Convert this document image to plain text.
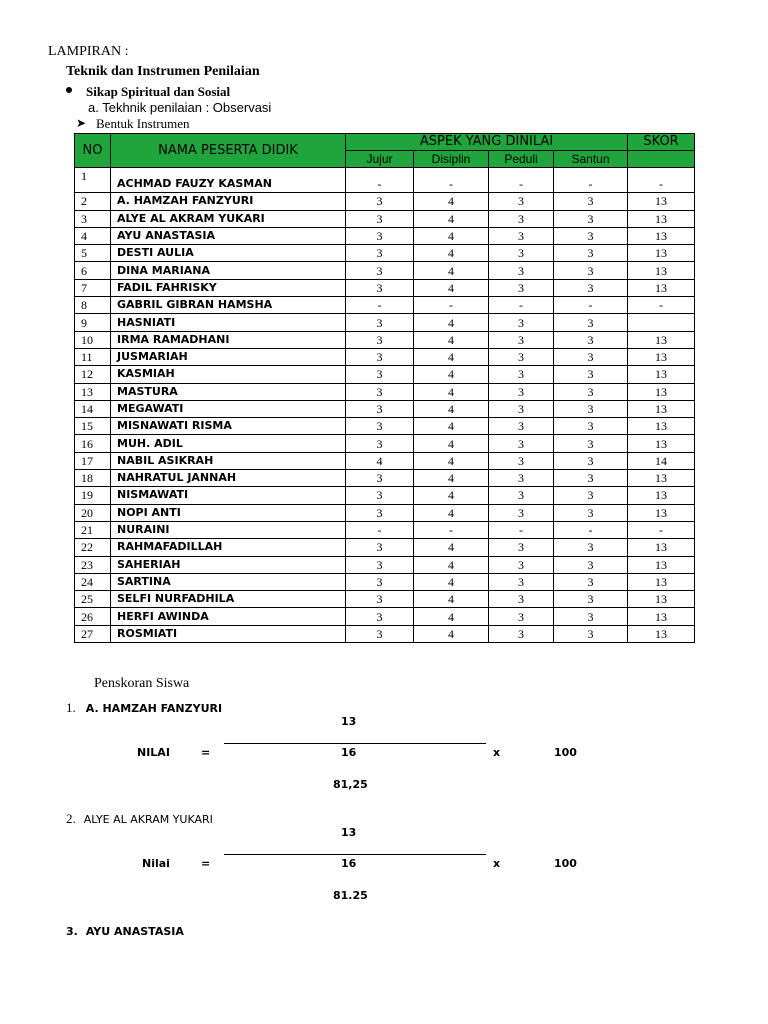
LAMPIRAN :
Teknik dan Instrumen Penilaian
Sikap Spiritual dan Sosial
a. Tekhnik penilaian : Observasi
➤ Bentuk Instrumen
NO	NAMA PESERTA DIDIK	ASPEK YANG DINILAI				SKOR
		Jujur	Disiplin	Peduli	Santun	
1	ACHMAD FAUZY KASMAN	-	-	-	-	-
2	A. HAMZAH FANZYURI	3	4	3	3	13
3	ALYE AL AKRAM YUKARI	3	4	3	3	13
4	AYU ANASTASIA	3	4	3	3	13
5	DESTI AULIA	3	4	3	3	13
6	DINA MARIANA	3	4	3	3	13
7	FADIL FAHRISKY	3	4	3	3	13
8	GABRIL GIBRAN HAMSHA	-	-	-	-	-
9	HASNIATI	3	4	3	3	
10	IRMA RAMADHANI	3	4	3	3	13
11	JUSMARIAH	3	4	3	3	13
12	KASMIAH	3	4	3	3	13
13	MASTURA	3	4	3	3	13
14	MEGAWATI	3	4	3	3	13
15	MISNAWATI RISMA	3	4	3	3	13
16	MUH. ADIL	3	4	3	3	13
17	NABIL ASIKRAH	4	4	3	3	14
18	NAHRATUL JANNAH	3	4	3	3	13
19	NISMAWATI	3	4	3	3	13
20	NOPI ANTI	3	4	3	3	13
21	NURAINI	-	-	-	-	-
22	RAHMAFADILLAH	3	4	3	3	13
23	SAHERIAH	3	4	3	3	13
24	SARTINA	3	4	3	3	13
25	SELFI NURFADHILA	3	4	3	3	13
26	HERFI AWINDA	3	4	3	3	13
27	ROSMIATI	3	4	3	3	13
Penskoran Siswa
1. A. HAMZAH FANZYURI
13
NILAI	=	16	x	100
81,25
2. ALYE AL AKRAM YUKARI
13
Nilai	=	16	x	100
81.25
3. AYU ANASTASIA
